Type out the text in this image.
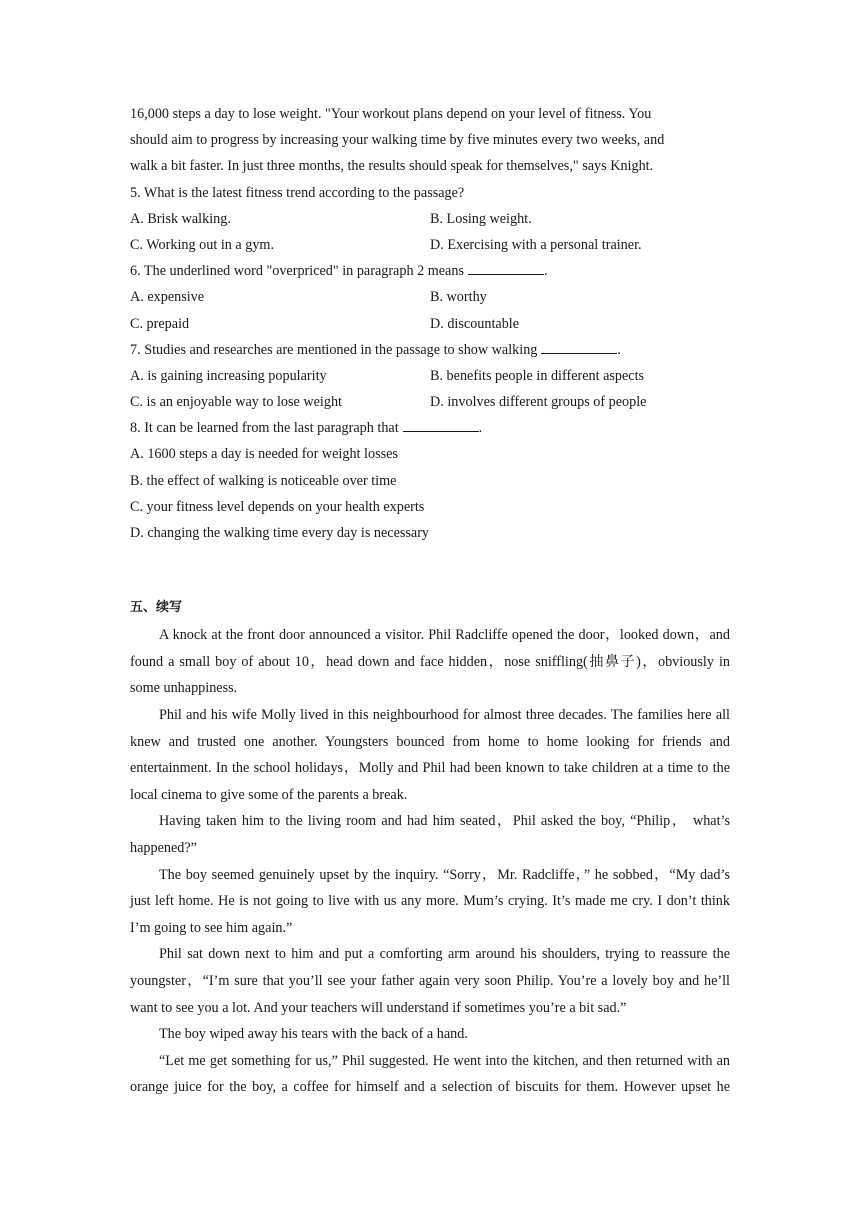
16,000 steps a day to lose weight. "Your workout plans depend on your level of fitness. You
should aim to progress by increasing your walking time by five minutes every two weeks, and
walk a bit faster. In just three months, the results should speak for themselves," says Knight.
5. What is the latest fitness trend according to the passage?
A. Brisk walking.	B. Losing weight.
C. Working out in a gym.	D. Exercising with a personal trainer.
6. The underlined word "overpriced" in paragraph 2 means	.
A. expensive	B. worthy
C. prepaid	D. discountable
7. Studies and researches are mentioned in the passage to show walking	.
A. is gaining increasing popularity	B. benefits people in different aspects
C. is an enjoyable way to lose weight	D. involves different groups of people
8. It can be learned from the last paragraph that	.
A. 1600 steps a day is needed for weight losses
B. the effect of walking is noticeable over time
C. your fitness level depends on your health experts
D. changing the walking time every day is necessary
五、续写

A knock at the front door announced a visitor. Phil Radcliffe opened the door，looked down，and found a small boy of about 10，head down and face hidden，nose sniffling(抽鼻子)，obviously in some unhappiness.

Phil and his wife Molly lived in this neighbourhood for almost three decades. The families here all knew and trusted one another. Youngsters bounced from home to home looking for friends and entertainment. In the school holidays，Molly and Phil had been known to take children at a time to the local cinema to give some of the parents a break.

Having taken him to the living room and had him seated，Phil asked the boy, “Philip， what’s happened?”

The boy seemed genuinely upset by the inquiry. “Sorry，Mr. Radcliffe，” he sobbed，“My dad’s just left home. He is not going to live with us any more. Mum’s crying. It’s made me cry. I don’t think I’m going to see him again.”

Phil sat down next to him and put a comforting arm around his shoulders, trying to reassure the youngster，“I’m sure that you’ll see your father again very soon Philip. You’re a lovely boy and he’ll want to see you a lot. And your teachers will understand if sometimes you’re a bit sad.”

The boy wiped away his tears with the back of a hand.

“Let me get something for us,” Phil suggested. He went into the kitchen, and then returned with an orange juice for the boy, a coffee for himself and a selection of biscuits for them. However upset he
